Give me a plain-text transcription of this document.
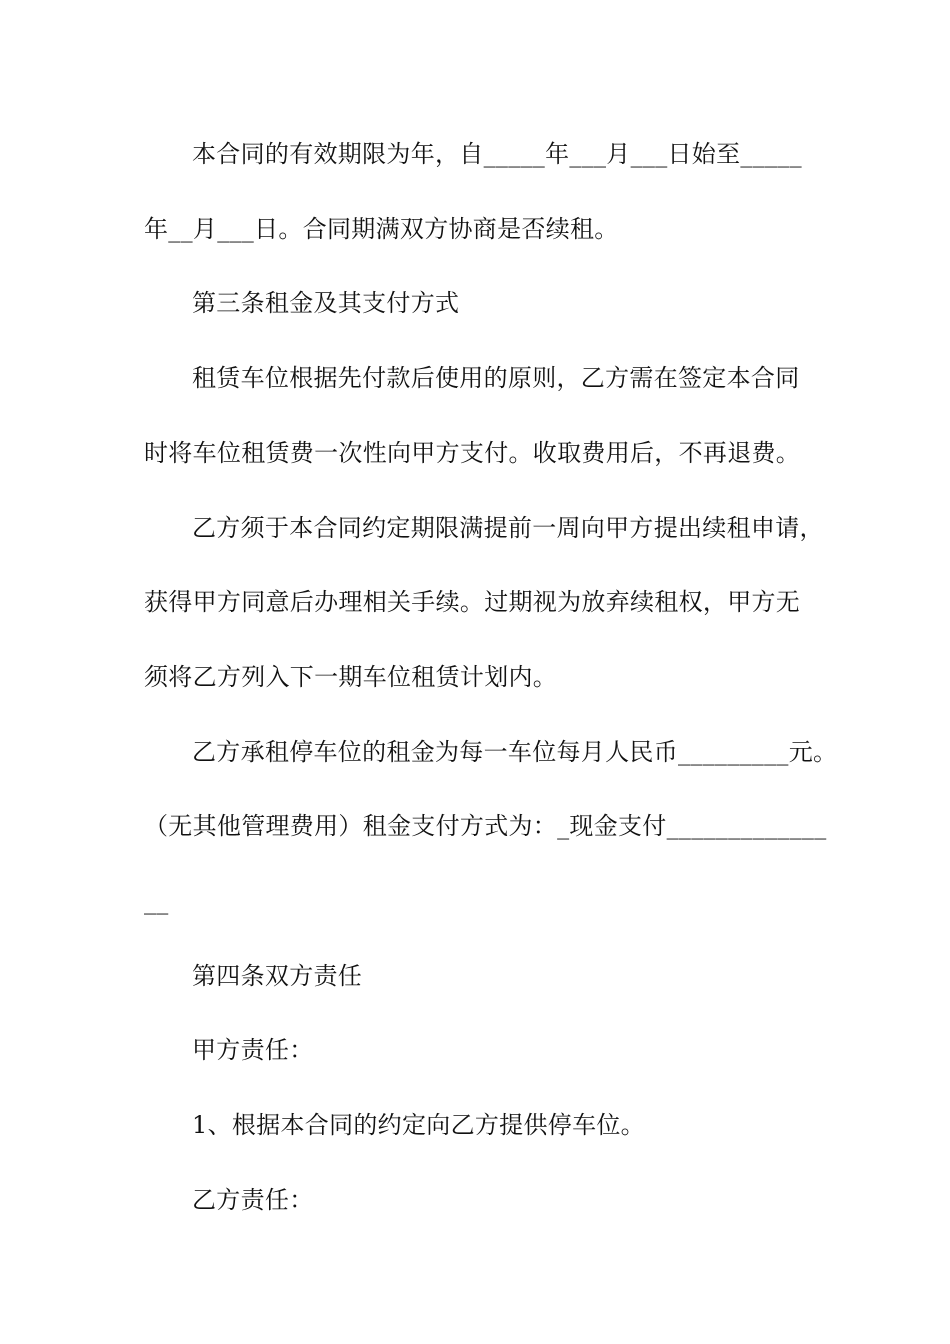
本合同的有效期限为年，自_____年___月___日始至_____
年__月___日。合同期满双方协商是否续租。
第三条租金及其支付方式
租赁车位根据先付款后使用的原则，乙方需在签定本合同
时将车位租赁费一次性向甲方支付。收取费用后，不再退费。
乙方须于本合同约定期限满提前一周向甲方提出续租申请，
获得甲方同意后办理相关手续。过期视为放弃续租权，甲方无
须将乙方列入下一期车位租赁计划内。
乙方承租停车位的租金为每一车位每月人民币_________元。
（无其他管理费用）租金支付方式为：_现金支付_____________
__
第四条双方责任
甲方责任：
1、根据本合同的约定向乙方提供停车位。
乙方责任：
